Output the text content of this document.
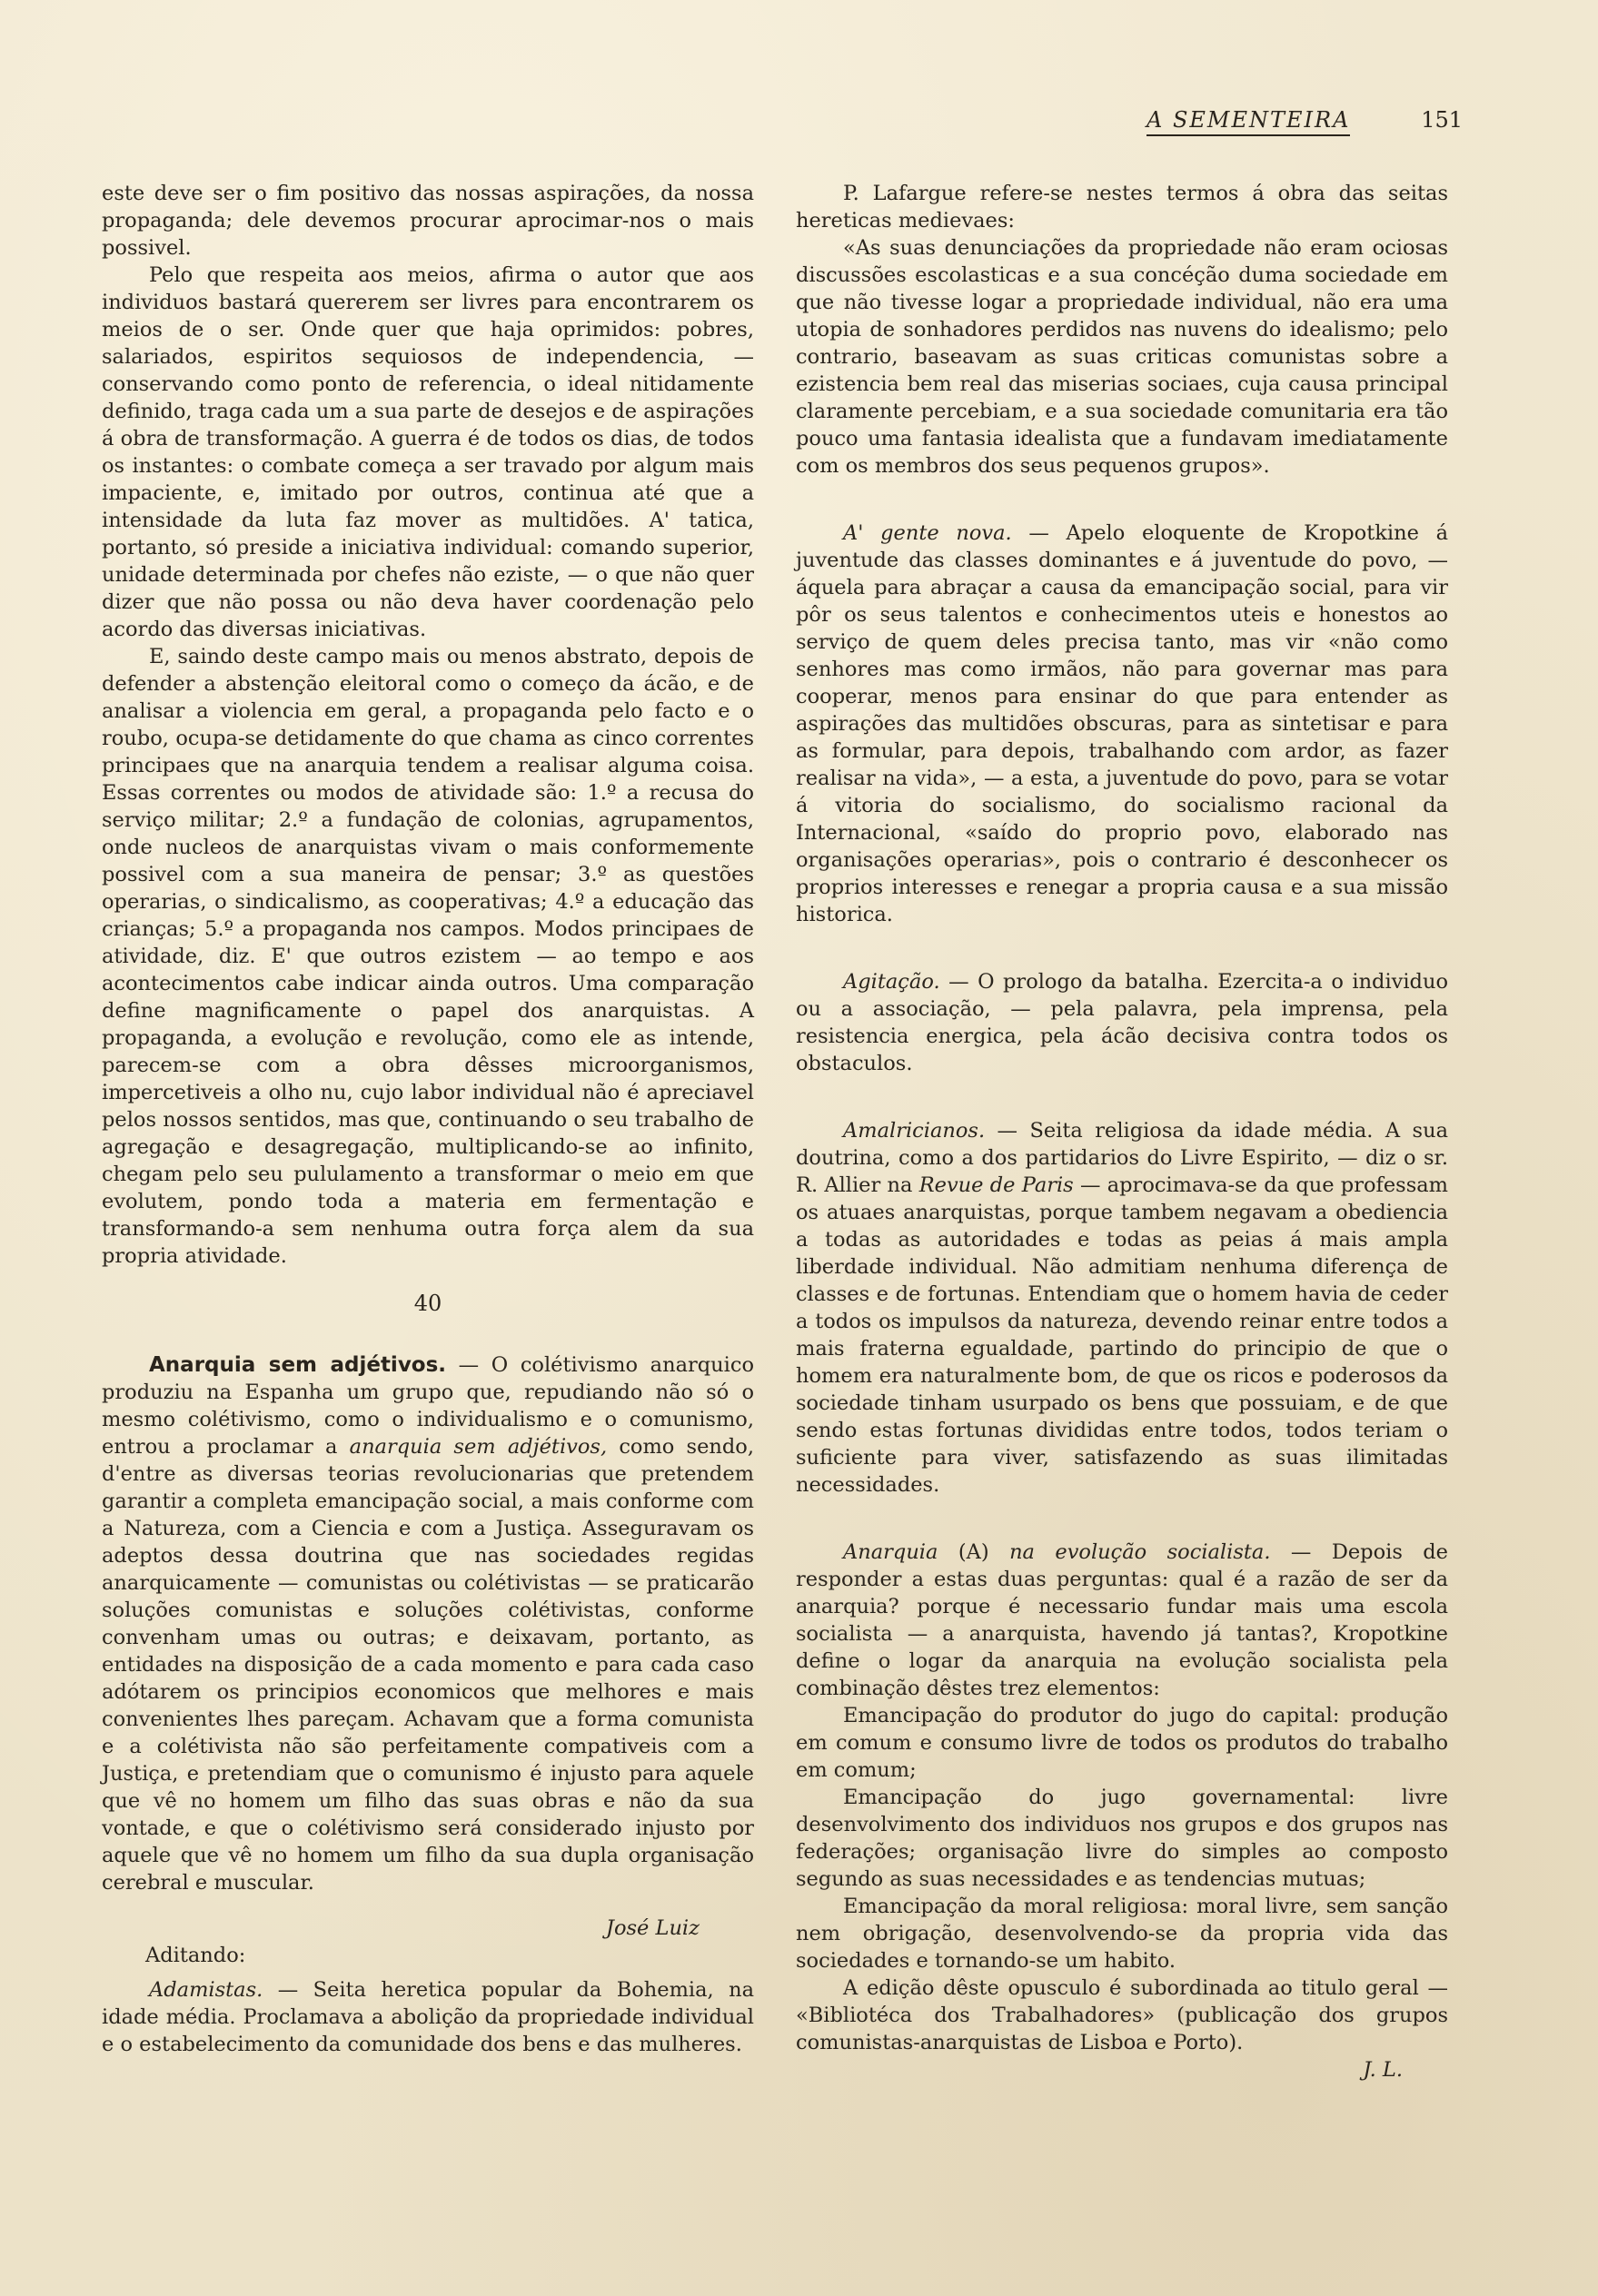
A SEMENTEIRA	151

este deve ser o fim positivo das nossas aspirações, da nossa propaganda; dele devemos procurar aprocimar-nos o mais possivel.

Pelo que respeita aos meios, afirma o autor que aos individuos bastará quererem ser livres para encontrarem os meios de o ser. Onde quer que haja oprimidos: pobres, salariados, espiritos sequiosos de independencia, — conservando como ponto de referencia, o ideal nitidamente definido, traga cada um a sua parte de desejos e de aspirações á obra de transformação. A guerra é de todos os dias, de todos os instantes: o combate começa a ser travado por algum mais impaciente, e, imitado por outros, continua até que a intensidade da luta faz mover as multidões. A' tatica, portanto, só preside a iniciativa individual: comando superior, unidade determinada por chefes não eziste, — o que não quer dizer que não possa ou não deva haver coordenação pelo acordo das diversas iniciativas.

E, saindo deste campo mais ou menos abstrato, depois de defender a abstenção eleitoral como o começo da ácão, e de analisar a violencia em geral, a propaganda pelo facto e o roubo, ocupa-se detidamente do que chama as cinco correntes principaes que na anarquia tendem a realisar alguma coisa. Essas correntes ou modos de atividade são: 1.º a recusa do serviço militar; 2.º a fundação de colonias, agrupamentos, onde nucleos de anarquistas vivam o mais conformemente possivel com a sua maneira de pensar; 3.º as questões operarias, o sindicalismo, as cooperativas; 4.º a educação das crianças; 5.º a propaganda nos campos. Modos principaes de atividade, diz. E' que outros ezistem — ao tempo e aos acontecimentos cabe indicar ainda outros. Uma comparação define magnificamente o papel dos anarquistas. A propaganda, a evolução e revolução, como ele as intende, parecem-se com a obra dêsses microorganismos, impercetiveis a olho nu, cujo labor individual não é apreciavel pelos nossos sentidos, mas que, continuando o seu trabalho de agregação e desagregação, multiplicando-se ao infinito, chegam pelo seu pululamento a transformar o meio em que evolutem, pondo toda a materia em fermentação e transformando-a sem nenhuma outra força alem da sua propria atividade.

40

Anarquia sem adjétivos. — O colétivismo anarquico produziu na Espanha um grupo que, repudiando não só o mesmo colétivismo, como o individualismo e o comunismo, entrou a proclamar a anarquia sem adjétivos, como sendo, d'entre as diversas teorias revolucionarias que pretendem garantir a completa emancipação social, a mais conforme com a Natureza, com a Ciencia e com a Justiça. Asseguravam os adeptos dessa doutrina que nas sociedades regidas anarquicamente — comunistas ou colétivistas — se praticarão soluções comunistas e soluções colétivistas, conforme convenham umas ou outras; e deixavam, portanto, as entidades na disposição de a cada momento e para cada caso adótarem os principios economicos que melhores e mais convenientes lhes pareçam. Achavam que a forma comunista e a colétivista não são perfeitamente compativeis com a Justiça, e pretendiam que o comunismo é injusto para aquele que vê no homem um filho das suas obras e não da sua vontade, e que o colétivismo será considerado injusto por aquele que vê no homem um filho da sua dupla organisação cerebral e muscular.

José Luiz

Aditando:

Adamistas. — Seita heretica popular da Bohemia, na idade média. Proclamava a abolição da propriedade individual e o estabelecimento da comunidade dos bens e das mulheres.

P. Lafargue refere-se nestes termos á obra das seitas hereticas medievaes:

«As suas denunciações da propriedade não eram ociosas discussões escolasticas e a sua concéção duma sociedade em que não tivesse logar a propriedade individual, não era uma utopia de sonhadores perdidos nas nuvens do idealismo; pelo contrario, baseavam as suas criticas comunistas sobre a ezistencia bem real das miserias sociaes, cuja causa principal claramente percebiam, e a sua sociedade comunitaria era tão pouco uma fantasia idealista que a fundavam imediatamente com os membros dos seus pequenos grupos».

A' gente nova. — Apelo eloquente de Kropotkine á juventude das classes dominantes e á juventude do povo, — áquela para abraçar a causa da emancipação social, para vir pôr os seus talentos e conhecimentos uteis e honestos ao serviço de quem deles precisa tanto, mas vir «não como senhores mas como irmãos, não para governar mas para cooperar, menos para ensinar do que para entender as aspirações das multidões obscuras, para as sintetisar e para as formular, para depois, trabalhando com ardor, as fazer realisar na vida», — a esta, a juventude do povo, para se votar á vitoria do socialismo, do socialismo racional da Internacional, «saído do proprio povo, elaborado nas organisações operarias», pois o contrario é desconhecer os proprios interesses e renegar a propria causa e a sua missão historica.

Agitação. — O prologo da batalha. Ezercita-a o individuo ou a associação, — pela palavra, pela imprensa, pela resistencia energica, pela ácão decisiva contra todos os obstaculos.

Amalricianos. — Seita religiosa da idade média. A sua doutrina, como a dos partidarios do Livre Espirito, — diz o sr. R. Allier na Revue de Paris — aprocimava-se da que professam os atuaes anarquistas, porque tambem negavam a obediencia a todas as autoridades e todas as peias á mais ampla liberdade individual. Não admitiam nenhuma diferença de classes e de fortunas. Entendiam que o homem havia de ceder a todos os impulsos da natureza, devendo reinar entre todos a mais fraterna egualdade, partindo do principio de que o homem era naturalmente bom, de que os ricos e poderosos da sociedade tinham usurpado os bens que possuiam, e de que sendo estas fortunas divididas entre todos, todos teriam o suficiente para viver, satisfazendo as suas ilimitadas necessidades.

Anarquia (A) na evolução socialista. — Depois de responder a estas duas perguntas: qual é a razão de ser da anarquia? porque é necessario fundar mais uma escola socialista — a anarquista, havendo já tantas?, Kropotkine define o logar da anarquia na evolução socialista pela combinação dêstes trez elementos:

Emancipação do produtor do jugo do capital: produção em comum e consumo livre de todos os produtos do trabalho em comum;

Emancipação do jugo governamental: livre desenvolvimento dos individuos nos grupos e dos grupos nas federações; organisação livre do simples ao composto segundo as suas necessidades e as tendencias mutuas;

Emancipação da moral religiosa: moral livre, sem sanção nem obrigação, desenvolvendo-se da propria vida das sociedades e tornando-se um habito.

A edição dêste opusculo é subordinada ao titulo geral — «Bibliotéca dos Trabalhadores» (publicação dos grupos comunistas-anarquistas de Lisboa e Porto).

J. L.
